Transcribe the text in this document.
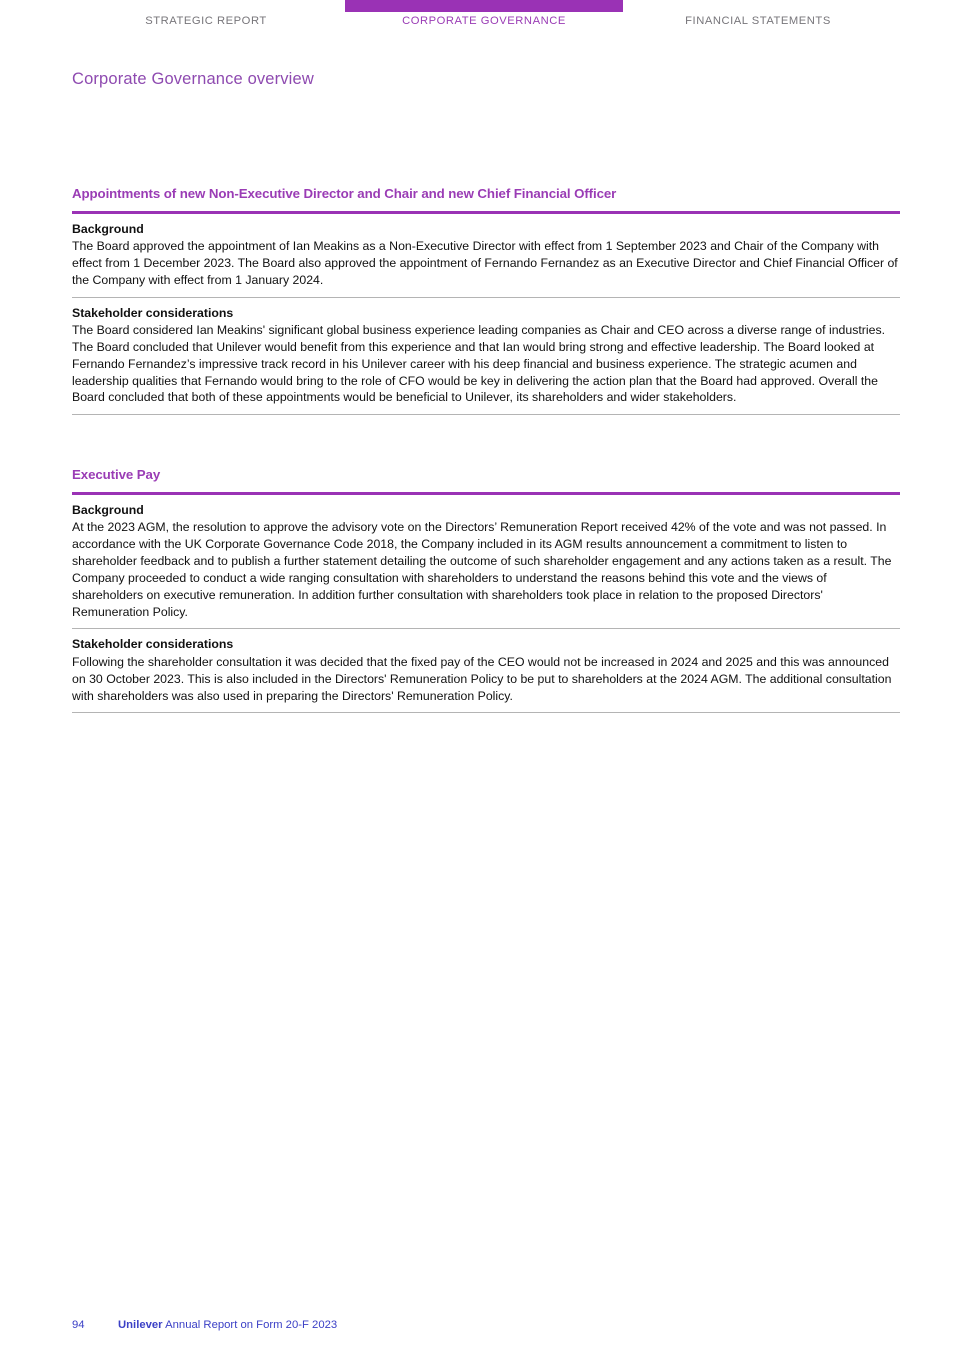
STRATEGIC REPORT	CORPORATE GOVERNANCE	FINANCIAL STATEMENTS
Corporate Governance overview
Appointments of new Non-Executive Director and Chair and new Chief Financial Officer
Background
The Board approved the appointment of Ian Meakins as a Non-Executive Director with effect from 1 September 2023 and Chair of the Company with effect from 1 December 2023. The Board also approved the appointment of Fernando Fernandez as an Executive Director and Chief Financial Officer of the Company with effect from 1 January 2024.
Stakeholder considerations
The Board considered Ian Meakins' significant global business experience leading companies as Chair and CEO across a diverse range of industries. The Board concluded that Unilever would benefit from this experience and that Ian would bring strong and effective leadership. The Board looked at Fernando Fernandez’s impressive track record in his Unilever career with his deep financial and business experience. The strategic acumen and leadership qualities that Fernando would bring to the role of CFO would be key in delivering the action plan that the Board had approved. Overall the Board concluded that both of these appointments would be beneficial to Unilever, its shareholders and wider stakeholders.
Executive Pay
Background
At the 2023 AGM, the resolution to approve the advisory vote on the Directors’ Remuneration Report received 42% of the vote and was not passed. In accordance with the UK Corporate Governance Code 2018, the Company included in its AGM results announcement a commitment to listen to shareholder feedback and to publish a further statement detailing the outcome of such shareholder engagement and any actions taken as a result. The Company proceeded to conduct a wide ranging consultation with shareholders to understand the reasons behind this vote and the views of shareholders on executive remuneration. In addition further consultation with shareholders took place in relation to the proposed Directors' Remuneration Policy.
Stakeholder considerations
Following the shareholder consultation it was decided that the fixed pay of the CEO would not be increased in 2024 and 2025 and this was announced on 30 October 2023. This is also included in the Directors' Remuneration Policy to be put to shareholders at the 2024 AGM. The additional consultation with shareholders was also used in preparing the Directors' Remuneration Policy.
94	Unilever Annual Report on Form 20-F 2023
